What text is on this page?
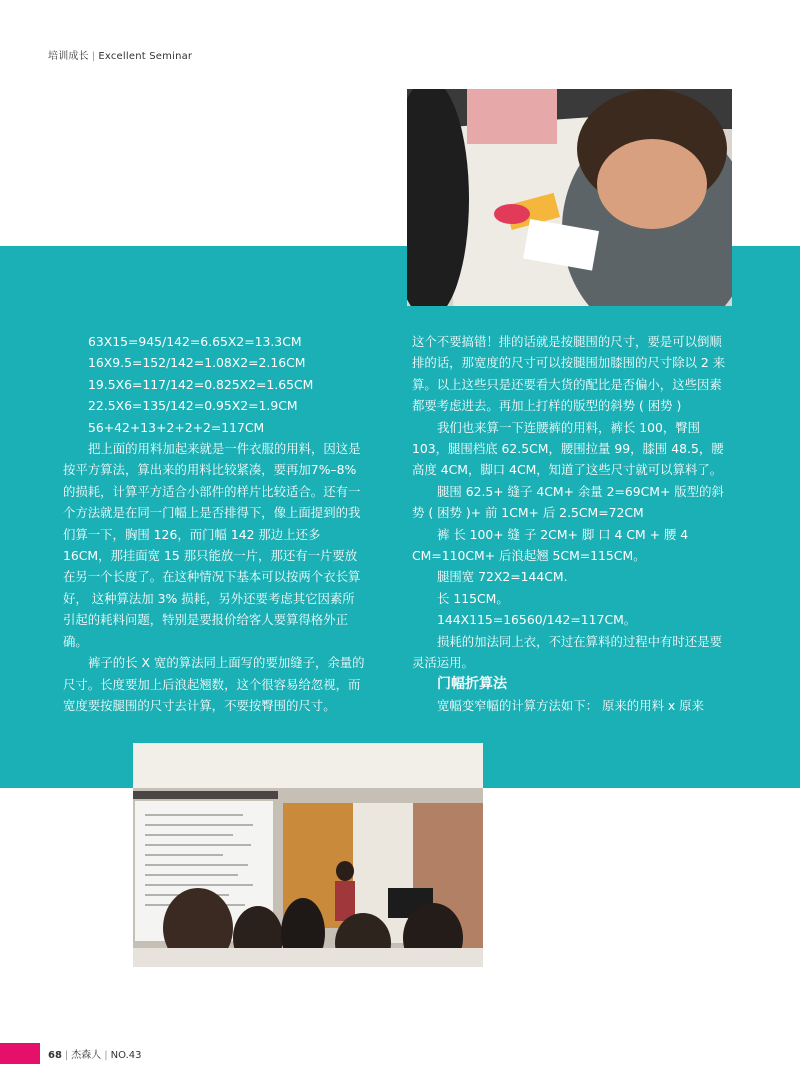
培训成长 | Excellent Seminar

63X15=945/142=6.65X2=13.3CM

16X9.5=152/142=1.08X2=2.16CM

19.5X6=117/142=0.825X2=1.65CM

22.5X6=135/142=0.95X2=1.9CM

56+42+13+2+2+2=117CM

把上面的用料加起来就是一件衣服的用料，因这是按平方算法，算出来的用料比较紧凑，要再加7%–8% 的损耗，计算平方适合小部件的样片比较适合。还有一个方法就是在同一门幅上是否排得下，像上面提到的我们算一下，胸围 126，而门幅 142 那边上还多 16CM，那挂面宽 15 那只能放一片，那还有一片要放在另一个长度了。在这种情况下基本可以按两个衣长算好， 这种算法加 3% 损耗，另外还要考虑其它因素所引起的耗料问题，特别是要报价给客人要算得格外正确。

裤子的长 X 宽的算法同上面写的要加缝子，余量的尺寸。长度要加上后浪起翘数，这个很容易给忽视，而宽度要按腿围的尺寸去计算，不要按臀围的尺寸。

这个不要搞错！排的话就是按腿围的尺寸，要是可以倒顺排的话，那宽度的尺寸可以按腿围加膝围的尺寸除以 2 来算。以上这些只是还要看大货的配比是否偏小，这些因素都要考虑进去。再加上打样的版型的斜势 ( 困势 )

我们也来算一下连腰裤的用料，裤长 100，臀围 103，腿围档底 62.5CM，腰围拉量 99，膝围 48.5，腰高度 4CM，脚口 4CM，知道了这些尺寸就可以算料了。

腿围 62.5+ 缝子 4CM+ 余量 2=69CM+ 版型的斜势 ( 困势 )+ 前 1CM+ 后 2.5CM=72CM

裤 长 100+ 缝 子 2CM+ 脚 口 4 CM + 腰 4 CM=110CM+ 后浪起翘 5CM=115CM。

腿围宽 72X2=144CM.

长 115CM。

144X115=16560/142=117CM。

损耗的加法同上衣，不过在算料的过程中有时还是要灵活运用。

门幅折算法

宽幅变窄幅的计算方法如下： 原来的用料 x 原来

68 | 杰森人 | NO.43
